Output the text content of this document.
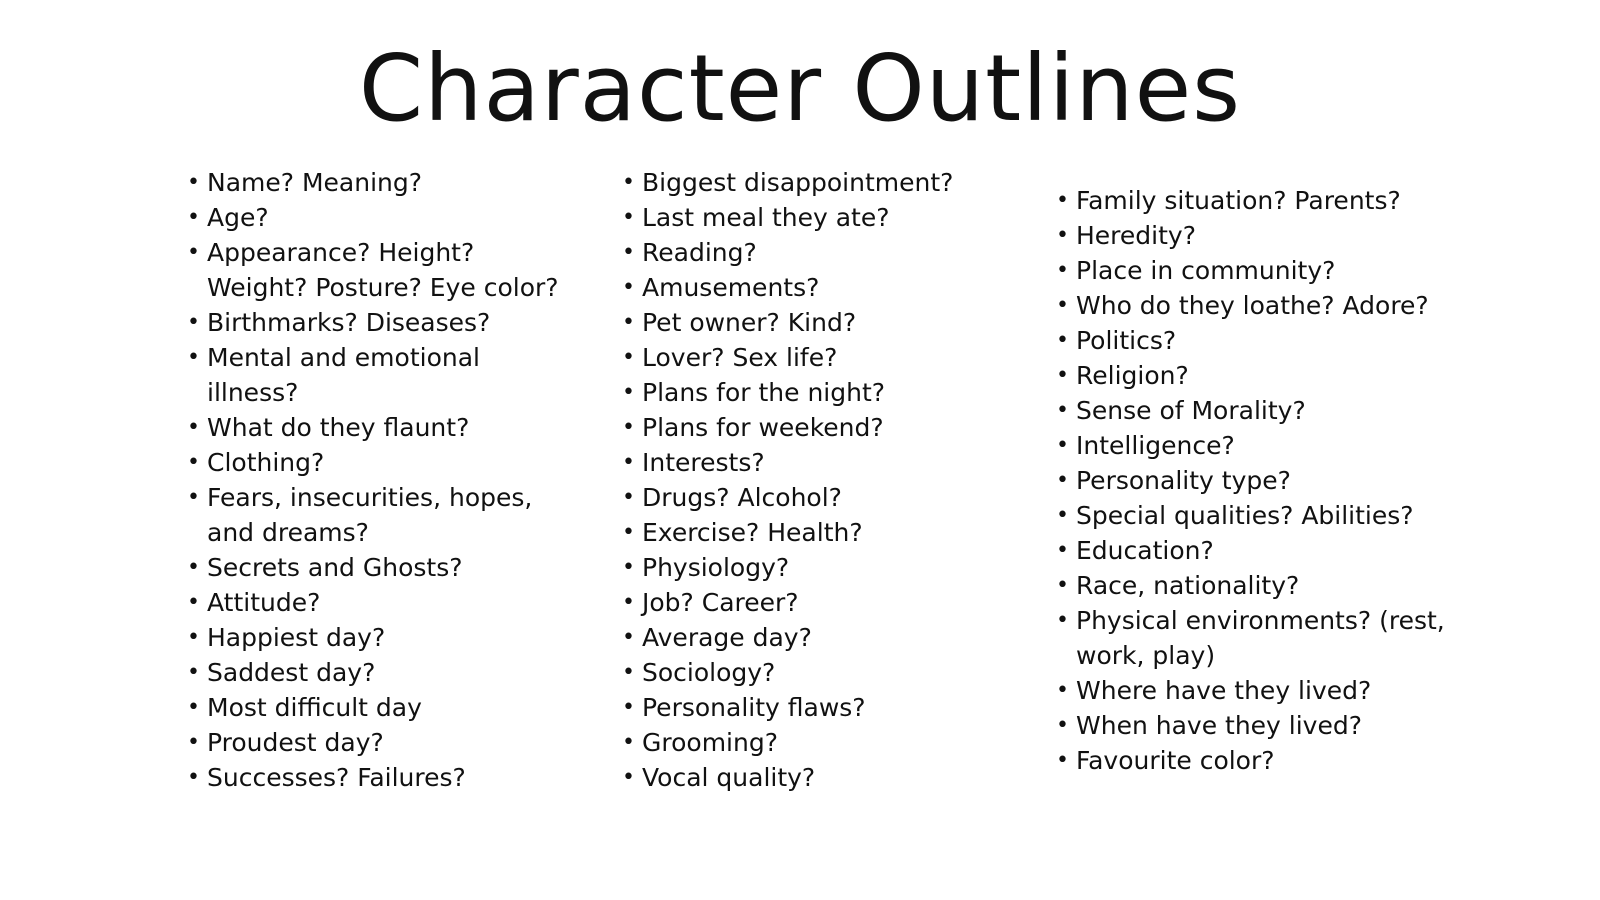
Character Outlines
• Name? Meaning?
• Age?
• Appearance? Height? Weight? Posture? Eye color?
• Birthmarks? Diseases?
• Mental and emotional illness?
• What do they flaunt?
• Clothing?
• Fears, insecurities, hopes, and dreams?
• Secrets and Ghosts?
• Attitude?
• Happiest day?
• Saddest day?
• Most difficult day
• Proudest day?
• Successes? Failures?
• Biggest disappointment?
• Last meal they ate?
• Reading?
• Amusements?
• Pet owner? Kind?
• Lover? Sex life?
• Plans for the night?
• Plans for weekend?
• Interests?
• Drugs? Alcohol?
• Exercise? Health?
• Physiology?
• Job? Career?
• Average day?
• Sociology?
• Personality flaws?
• Grooming?
• Vocal quality?
• Family situation? Parents?
• Heredity?
• Place in community?
• Who do they loathe? Adore?
• Politics?
• Religion?
• Sense of Morality?
• Intelligence?
• Personality type?
• Special qualities? Abilities?
• Education?
• Race, nationality?
• Physical environments? (rest, work, play)
• Where have they lived?
• When have they lived?
• Favourite color?
